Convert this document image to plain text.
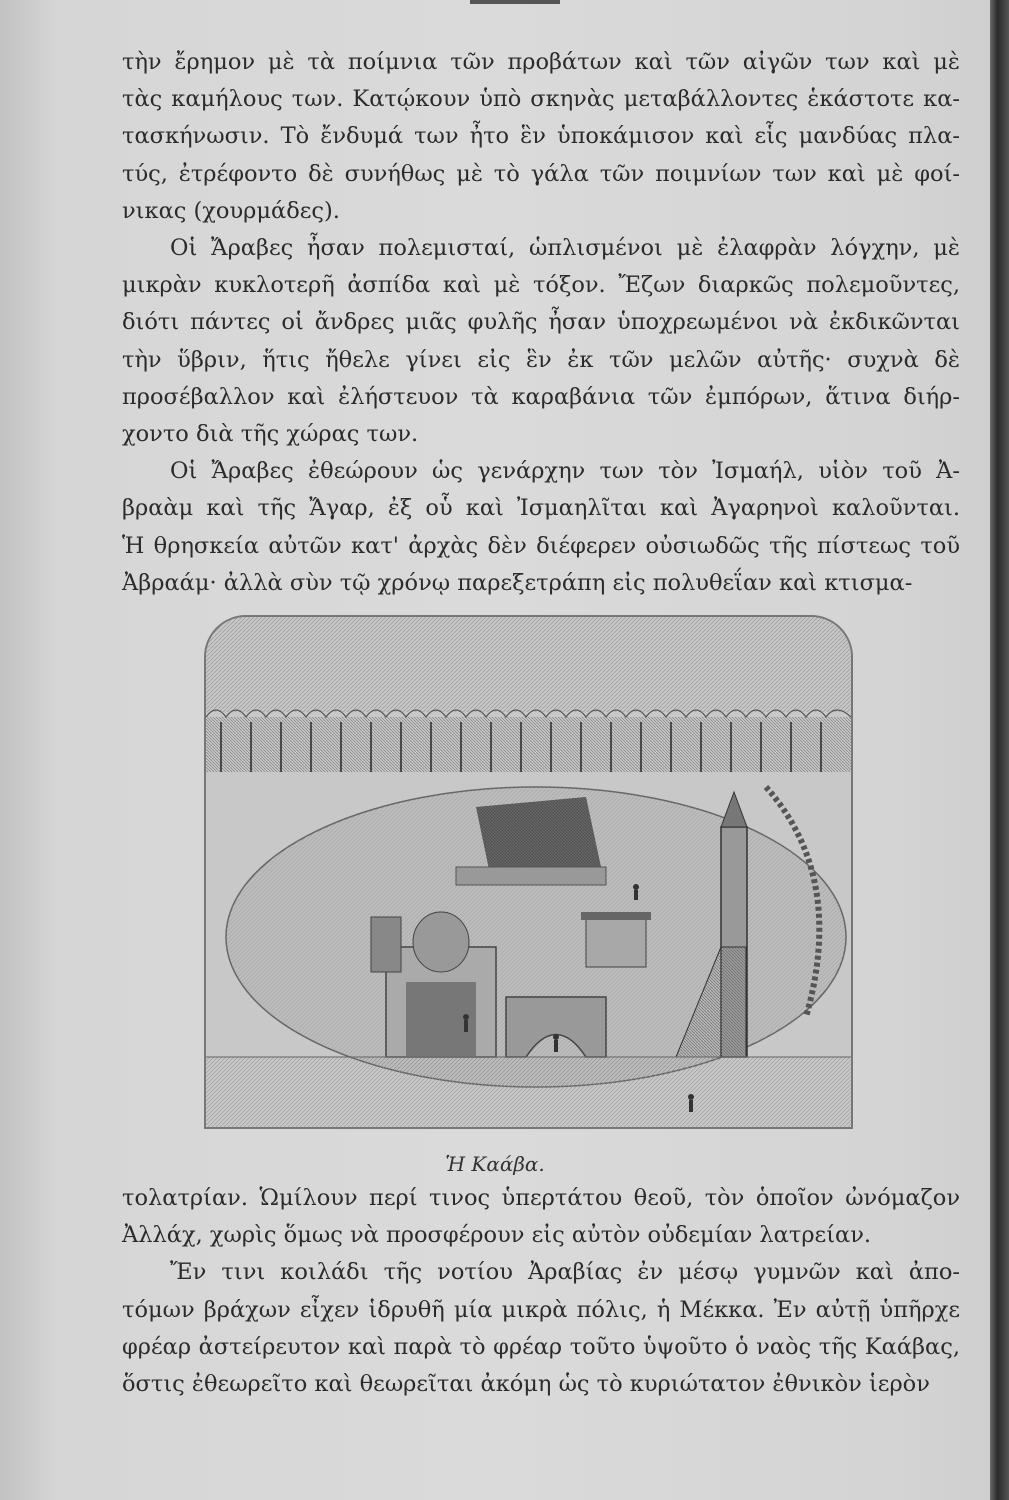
τὴν ἔρημον μὲ τὰ ποίμνια τῶν προβάτων καὶ τῶν αἰγῶν των καὶ μὲ
τὰς καμήλους των. Κατῴκουν ὑπὸ σκηνὰς μεταβάλλοντες ἑκάστοτε κα-
τασκήνωσιν. Τὸ ἔνδυμά των ἦτο ἓν ὑποκάμισον καὶ εἷς μανδύας πλα-
τύς, ἐτρέφοντο δὲ συνήθως μὲ τὸ γάλα τῶν ποιμνίων των καὶ μὲ φοί-
νικας (χουρμάδες).

Οἱ Ἄραβες ἦσαν πολεμισταί, ὡπλισμένοι μὲ ἐλαφρὰν λόγχην, μὲ
μικρὰν κυκλοτερῆ ἀσπίδα καὶ μὲ τόξον. Ἔζων διαρκῶς πολεμοῦντες,
διότι πάντες οἱ ἄνδρες μιᾶς φυλῆς ἦσαν ὑποχρεωμένοι νὰ ἐκδικῶνται
τὴν ὕβριν, ἥτις ἤθελε γίνει εἰς ἓν ἐκ τῶν μελῶν αὐτῆς· συχνὰ δὲ
προσέβαλλον καὶ ἐλήστευον τὰ καραβάνια τῶν ἐμπόρων, ἅτινα διήρ-
χοντο διὰ τῆς χώρας των.

Οἱ Ἄραβες ἐθεώρουν ὡς γενάρχην των τὸν Ἰσμαήλ, υἱὸν τοῦ Ἀ-
βραὰμ καὶ τῆς Ἄγαρ, ἐξ οὗ καὶ Ἰσμαηλῖται καὶ Ἀγαρηνοὶ καλοῦνται.
Ἡ θρησκεία αὐτῶν κατ' ἀρχὰς δὲν διέφερεν οὐσιωδῶς τῆς πίστεως τοῦ
Ἀβραάμ· ἀλλὰ σὺν τῷ χρόνῳ παρεξετράπη εἰς πολυθεΐαν καὶ κτισμα-

Ἡ Καάβα.

τολατρίαν. Ὡμίλουν περί τινος ὑπερτάτου θεοῦ, τὸν ὁποῖον ὠνόμαζον
Ἀλλάχ, χωρὶς ὅμως νὰ προσφέρουν εἰς αὐτὸν οὐδεμίαν λατρείαν.

Ἔν τινι κοιλάδι τῆς νοτίου Ἀραβίας ἐν μέσῳ γυμνῶν καὶ ἀπο-
τόμων βράχων εἶχεν ἱδρυθῆ μία μικρὰ πόλις, ἡ Μέκκα. Ἐν αὐτῇ ὑπῆρχε
φρέαρ ἀστείρευτον καὶ παρὰ τὸ φρέαρ τοῦτο ὑψοῦτο ὁ ναὸς τῆς Καάβας,
ὅστις ἐθεωρεῖτο καὶ θεωρεῖται ἀκόμη ὡς τὸ κυριώτατον ἐθνικὸν ἱερὸν
